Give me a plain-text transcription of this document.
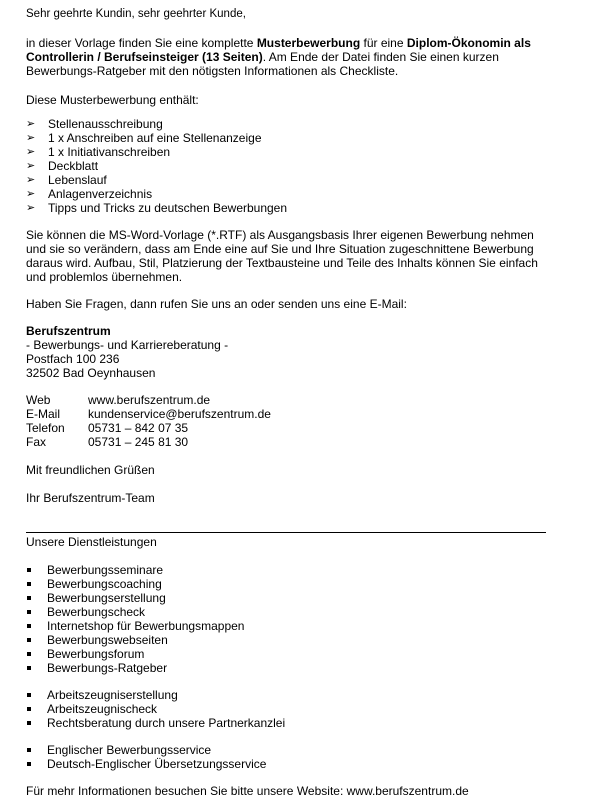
Sehr geehrte Kundin, sehr geehrter Kunde,
in dieser Vorlage finden Sie eine komplette Musterbewerbung für eine Diplom-Ökonomin als
Controllerin / Berufseinsteiger (13 Seiten). Am Ende der Datei finden Sie einen kurzen
Bewerbungs-Ratgeber mit den nötigsten Informationen als Checkliste.
Diese Musterbewerbung enthält:
➢ Stellenausschreibung
➢ 1 x Anschreiben auf eine Stellenanzeige
➢ 1 x Initiativanschreiben
➢ Deckblatt
➢ Lebenslauf
➢ Anlagenverzeichnis
➢ Tipps und Tricks zu deutschen Bewerbungen
Sie können die MS-Word-Vorlage (*.RTF) als Ausgangsbasis Ihrer eigenen Bewerbung nehmen
und sie so verändern, dass am Ende eine auf Sie und Ihre Situation zugeschnittene Bewerbung
daraus wird. Aufbau, Stil, Platzierung der Textbausteine und Teile des Inhalts können Sie einfach
und problemlos übernehmen.
Haben Sie Fragen, dann rufen Sie uns an oder senden uns eine E-Mail:
Berufszentrum
- Bewerbungs- und Karriereberatung -
Postfach 100 236
32502 Bad Oeynhausen
Web	www.berufszentrum.de
E-Mail	kundenservice@berufszentrum.de
Telefon	05731 – 842 07 35
Fax	05731 – 245 81 30
Mit freundlichen Grüßen
Ihr Berufszentrum-Team
Unsere Dienstleistungen
Bewerbungsseminare
Bewerbungscoaching
Bewerbungserstellung
Bewerbungscheck
Internetshop für Bewerbungsmappen
Bewerbungswebseiten
Bewerbungsforum
Bewerbungs-Ratgeber
Arbeitszeugniserstellung
Arbeitszeugnischeck
Rechtsberatung durch unsere Partnerkanzlei
Englischer Bewerbungsservice
Deutsch-Englischer Übersetzungsservice
Für mehr Informationen besuchen Sie bitte unsere Website: www.berufszentrum.de
